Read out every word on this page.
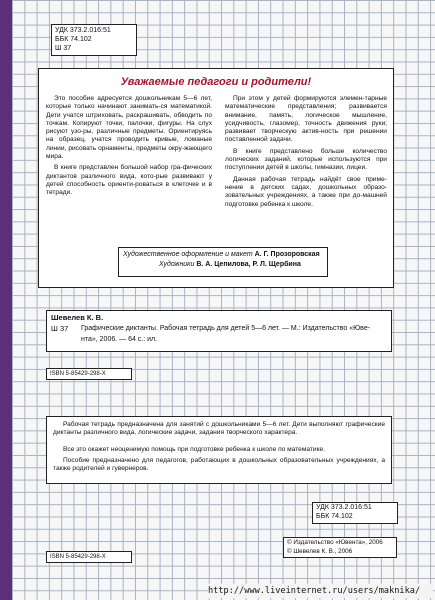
УДК 373.2.016:51
ББК 74.102
Ш 37
Уважаемые педагоги и родители!

Это пособие адресуется дошкольникам 5—6 лет, которые только начинают занимать-ся математикой. Дети учатся штриховать, раскрашивать, обводить по точкам. Копируют точки, палочки, фигуры. На слух рисуют узо-ры, различные предметы. Ориентируясь на образец, учатся проводить кривые, ломаные линии, рисовать орнаменты, предметы окру-жающего мира.

В книге представлен большой набор гра-фических диктантов различного вида, кото-рые развивают у детей способность ориенти-роваться в клеточке и в тетради.

При этом у детей формируются элемен-тарные математические представления; развивается внимание, память, логическое мышление, усидчивость, глазомер, точность движения руки; развивает творческую актив-ность при решении поставленной задачи.

В книге представлено больше количество логических заданий, которые используются при поступлении детей в школы, гимназии, лицеи.

Данная рабочая тетрадь найдёт свое приме-нение в детских садах, дошкольных образо-зовательных учреждениях, а также при до-машней подготовке ребенка к школе.

Художественное оформление и макет А. Г. Прозоровская
Художники В. А. Цепилова, Р. Л. Щербина
Шевелев К. В.
Ш 37 Графические диктанты. Рабочая тетрадь для детей 5—6 лет. — М.: Издательство «Юве-
нта», 2006. — 64 с.: ил.
ISBN 5-85429-298-X

Рабочая тетрадь предназначена для занятий с дошкольниками 5—6 лет. Дети выполняют графические диктанты различного вида, логические задачи, задания творческого характера.

Все это окажет неоценимую помощь при подготовке ребенка к школе по математике.

Пособие предназначено для педагогов, работающих в дошкольных образовательных учреждениях, а также родителей и гувернеров.

УДК 373.2.016:51
ББК 74.102
© Издательство «Ювента», 2006
© Шевелев К. В., 2006
ISBN 5-85429-298-X
http://www.liveinternet.ru/users/maknika/
